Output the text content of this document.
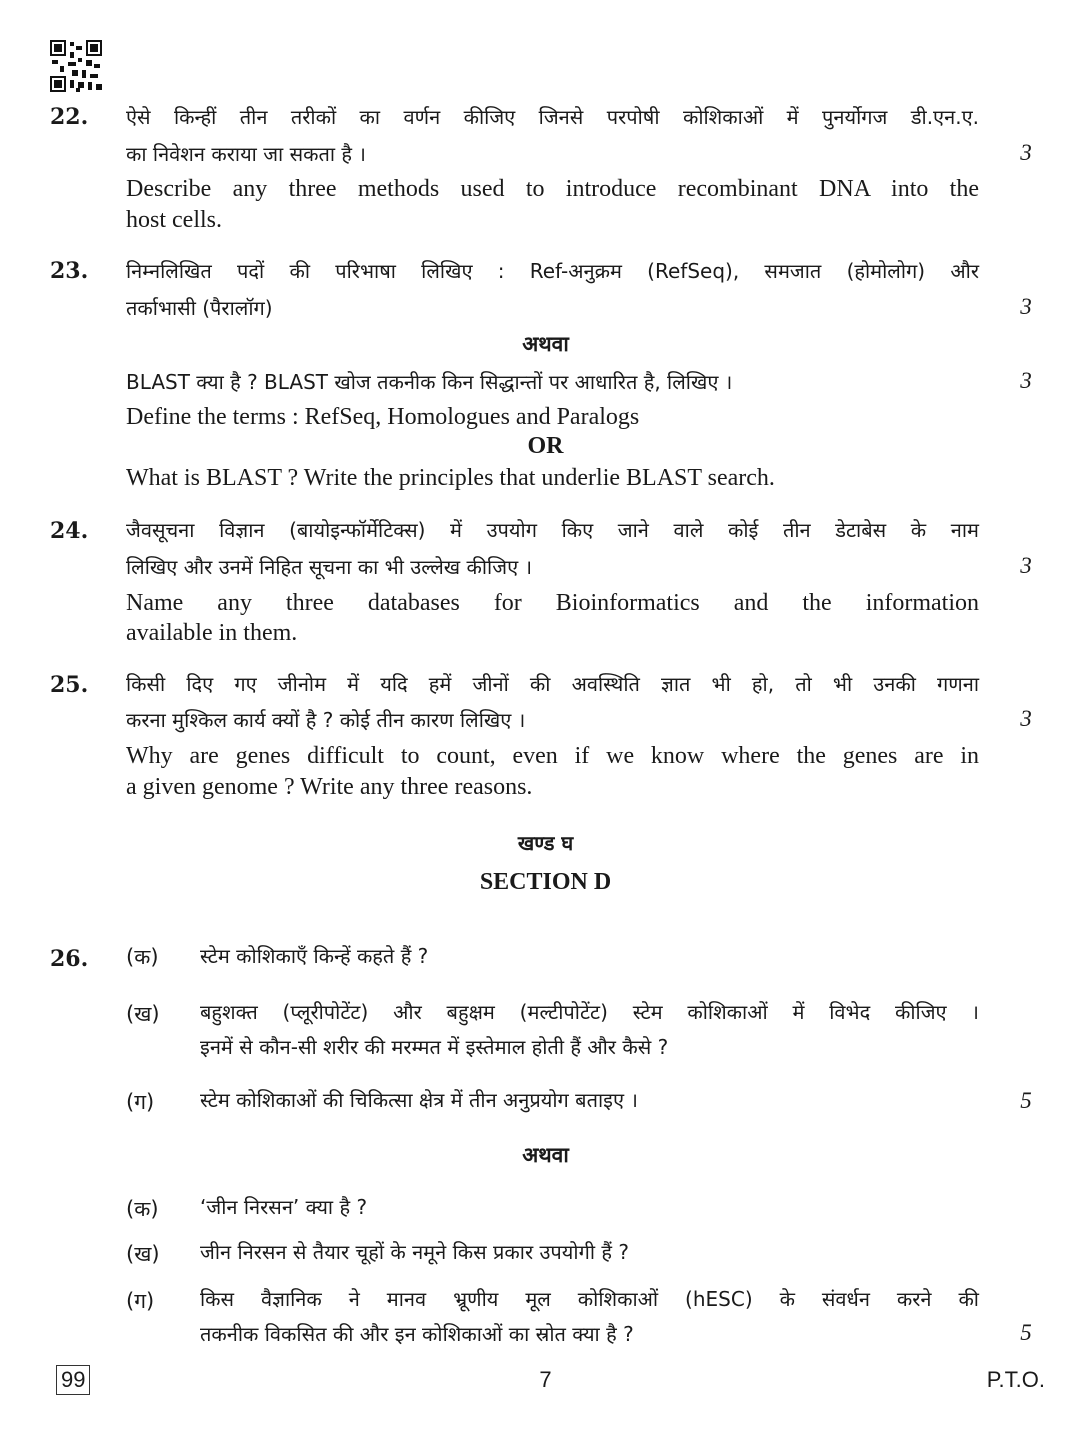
22. ऐसे किन्हीं तीन तरीकों का वर्णन कीजिए जिनसे परपोषी कोशिकाओं में पुनर्योगज डी.एन.ए.
का निवेशन कराया जा सकता है ।	3
Describe any three methods used to introduce recombinant DNA into the
host cells.
23. निम्नलिखित पदों की परिभाषा लिखिए : Ref-अनुक्रम (RefSeq), समजात (होमोलोग) और
तर्काभासी (पैरालॉग)	3
अथवा
BLAST क्या है ? BLAST खोज तकनीक किन सिद्धान्तों पर आधारित है, लिखिए ।	3
Define the terms : RefSeq, Homologues and Paralogs
OR
What is BLAST ? Write the principles that underlie BLAST search.
24. जैवसूचना विज्ञान (बायोइन्फॉर्मेटिक्स) में उपयोग किए जाने वाले कोई तीन डेटाबेस के नाम
लिखिए और उनमें निहित सूचना का भी उल्लेख कीजिए ।	3
Name any three databases for Bioinformatics and the information
available in them.
25. किसी दिए गए जीनोम में यदि हमें जीनों की अवस्थिति ज्ञात भी हो, तो भी उनकी गणना
करना मुश्किल कार्य क्यों है ? कोई तीन कारण लिखिए ।	3
Why are genes difficult to count, even if we know where the genes are in
a given genome ? Write any three reasons.
खण्ड घ
SECTION D
26. (क) स्टेम कोशिकाएँ किन्हें कहते हैं ?
(ख) बहुशक्त (प्लूरीपोटेंट) और बहुक्षम (मल्टीपोटेंट) स्टेम कोशिकाओं में विभेद कीजिए ।
इनमें से कौन-सी शरीर की मरम्मत में इस्तेमाल होती हैं और कैसे ?
(ग) स्टेम कोशिकाओं की चिकित्सा क्षेत्र में तीन अनुप्रयोग बताइए ।	5
अथवा
(क) ‘जीन निरसन’ क्या है ?
(ख) जीन निरसन से तैयार चूहों के नमूने किस प्रकार उपयोगी हैं ?
(ग) किस वैज्ञानिक ने मानव भ्रूणीय मूल कोशिकाओं (hESC) के संवर्धन करने की
तकनीक विकसित की और इन कोशिकाओं का स्रोत क्या है ?	5
7
99	P.T.O.
